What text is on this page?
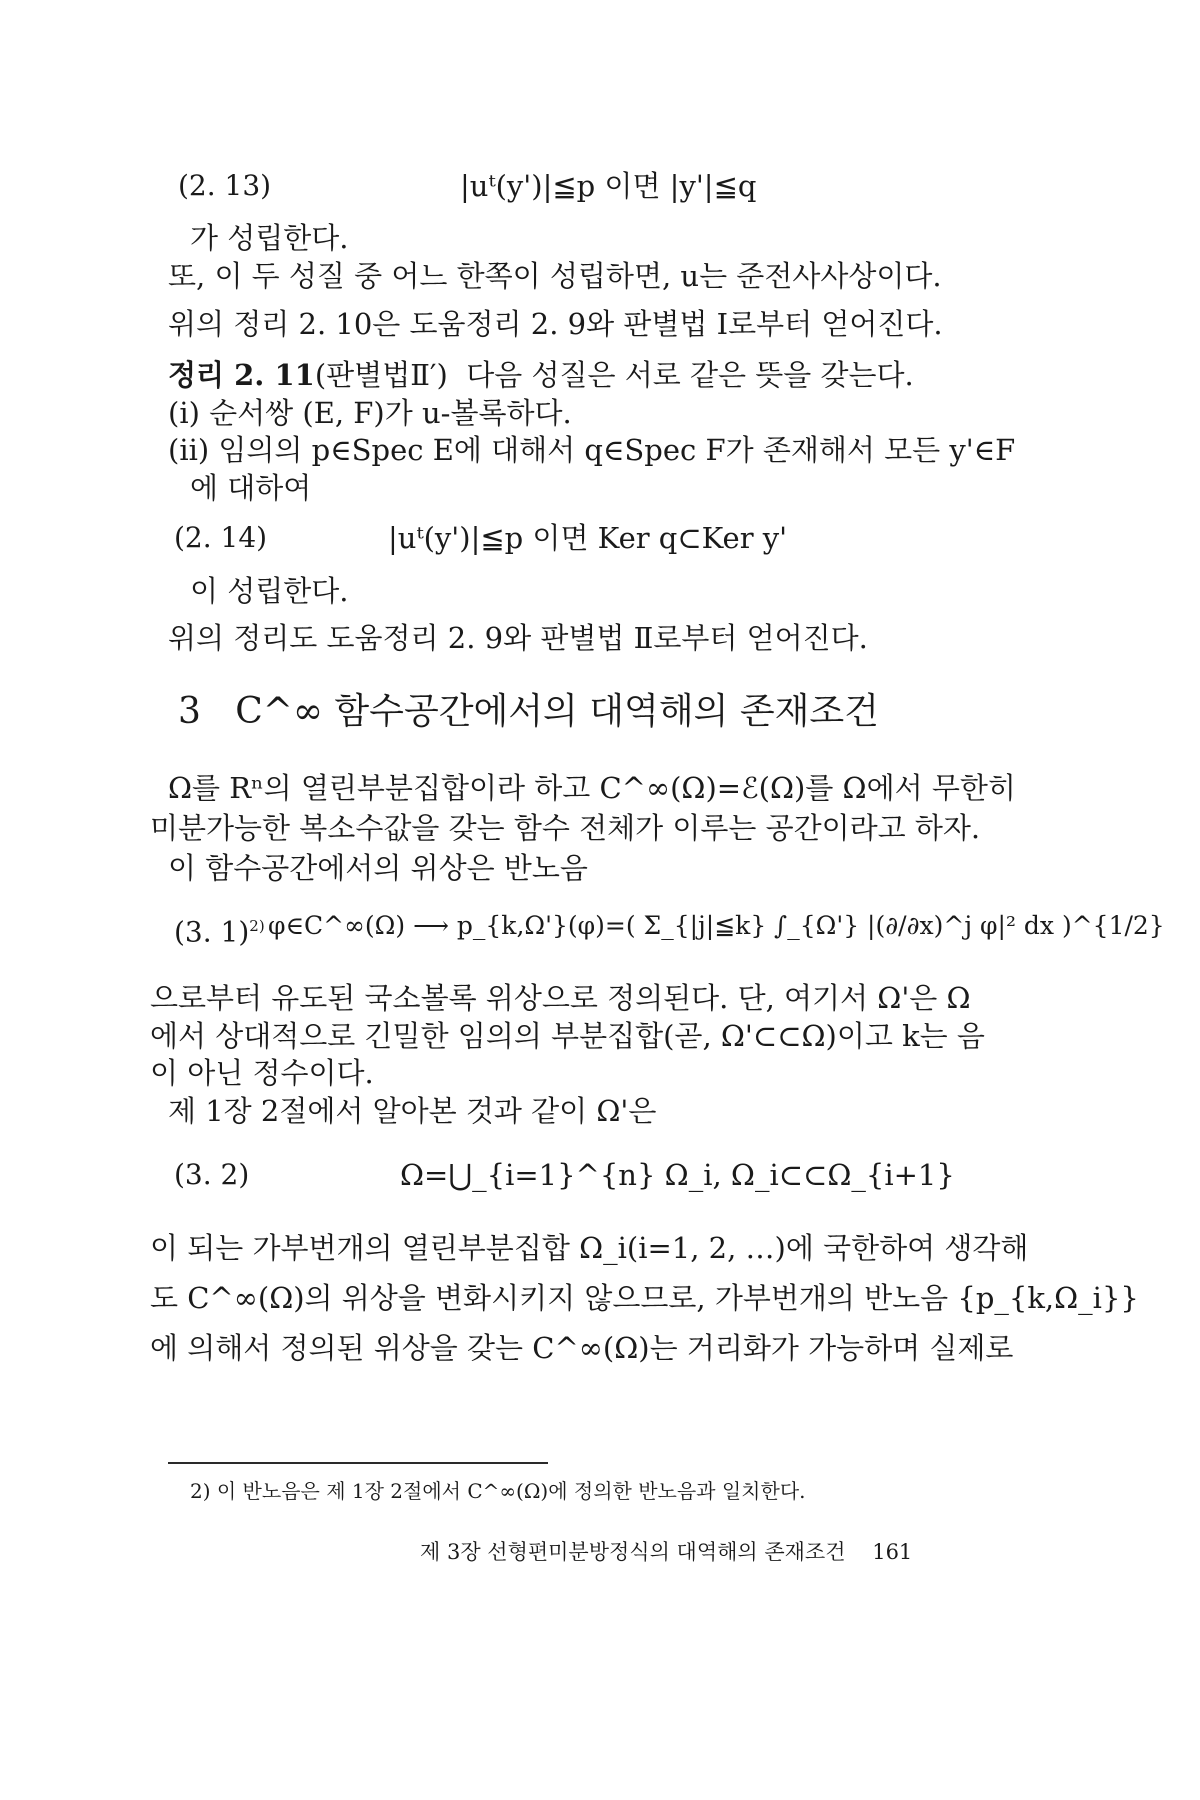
(2. 13)	|uᵗ(y')|≦p 이면 |y'|≦q
가 성립한다.
또, 이 두 성질 중 어느 한쪽이 성립하면, u는 준전사사상이다.
위의 정리 2. 10은 도움정리 2. 9와 판별법 Ⅰ로부터 얻어진다.
정리 2. 11(판별법Ⅱ′) 다음 성질은 서로 같은 뜻을 갖는다.
(i) 순서쌍 (E, F)가 u-볼록하다.
(ii) 임의의 p∈Spec E에 대해서 q∈Spec F가 존재해서 모든 y'∈F
에 대하여
(2. 14)	|uᵗ(y')|≦p 이면 Ker q⊂Ker y'
이 성립한다.
위의 정리도 도움정리 2. 9와 판별법 Ⅱ로부터 얻어진다.
3 C^∞ 함수공간에서의 대역해의 존재조건
Ω를 Rⁿ의 열린부분집합이라 하고 C^∞(Ω)=ℰ(Ω)를 Ω에서 무한히
미분가능한 복소수값을 갖는 함수 전체가 이루는 공간이라고 하자.
이 함수공간에서의 위상은 반노음
(3. 1)$^{2)}$ φ∈C^∞(Ω) ⟶ p_{k,Ω'}(φ)=( Σ_{|j|≦k} ∫_{Ω'} |(∂/∂x)^j φ|² dx )^{1/2}
으로부터 유도된 국소볼록 위상으로 정의된다. 단, 여기서 Ω'은 Ω
에서 상대적으로 긴밀한 임의의 부분집합(곧, Ω'⊂⊂Ω)이고 k는 음
이 아닌 정수이다.
제 1장 2절에서 알아본 것과 같이 Ω'은
(3. 2)	Ω=⋃_{i=1}^{n} Ω_i, Ω_i⊂⊂Ω_{i+1}
이 되는 가부번개의 열린부분집합 Ω_i(i=1, 2, …)에 국한하여 생각해
도 C^∞(Ω)의 위상을 변화시키지 않으므로, 가부번개의 반노음 {p_{k,Ω_i}}
에 의해서 정의된 위상을 갖는 C^∞(Ω)는 거리화가 가능하며 실제로
2) 이 반노음은 제 1장 2절에서 C^∞(Ω)에 정의한 반노음과 일치한다.
제 3장 선형편미분방정식의 대역해의 존재조건 161
